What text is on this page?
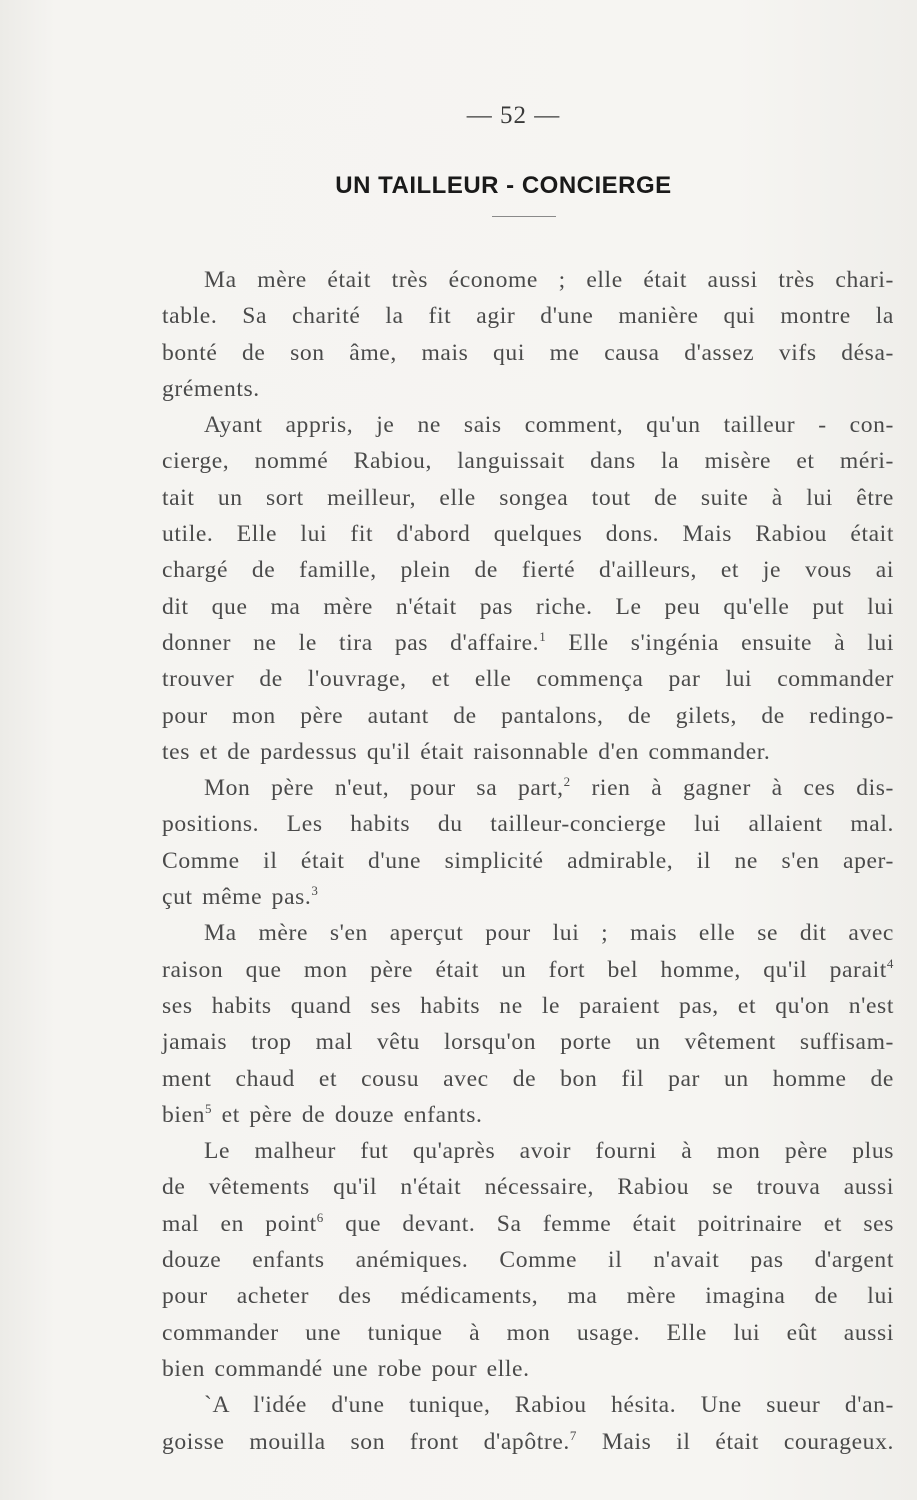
— 52 —
UN TAILLEUR - CONCIERGE
Ma mère était très économe ; elle était aussi très chari-
table. Sa charité la fit agir d'une manière qui montre la
bonté de son âme, mais qui me causa d'assez vifs désa-
gréments.
Ayant appris, je ne sais comment, qu'un tailleur - con-
cierge, nommé Rabiou, languissait dans la misère et méri-
tait un sort meilleur, elle songea tout de suite à lui être
utile. Elle lui fit d'abord quelques dons. Mais Rabiou était
chargé de famille, plein de fierté d'ailleurs, et je vous ai
dit que ma mère n'était pas riche. Le peu qu'elle put lui
donner ne le tira pas d'affaire.$^1$ Elle s'ingénia ensuite à lui
trouver de l'ouvrage, et elle commença par lui commander
pour mon père autant de pantalons, de gilets, de redingo-
tes et de pardessus qu'il était raisonnable d'en commander.
Mon père n'eut, pour sa part,$^2$ rien à gagner à ces dis-
positions. Les habits du tailleur-concierge lui allaient mal.
Comme il était d'une simplicité admirable, il ne s'en aper-
çut même pas.$^3$
Ma mère s'en aperçut pour lui ; mais elle se dit avec
raison que mon père était un fort bel homme, qu'il parait$^4$
ses habits quand ses habits ne le paraient pas, et qu'on n'est
jamais trop mal vêtu lorsqu'on porte un vêtement suffisam-
ment chaud et cousu avec de bon fil par un homme de
bien$^5$ et père de douze enfants.
Le malheur fut qu'après avoir fourni à mon père plus
de vêtements qu'il n'était nécessaire, Rabiou se trouva aussi
mal en point$^6$ que devant. Sa femme était poitrinaire et ses
douze enfants anémiques. Comme il n'avait pas d'argent
pour acheter des médicaments, ma mère imagina de lui
commander une tunique à mon usage. Elle lui eût aussi
bien commandé une robe pour elle.
`A l'idée d'une tunique, Rabiou hésita. Une sueur d'an-
goisse mouilla son front d'apôtre.$^7$ Mais il était courageux.
